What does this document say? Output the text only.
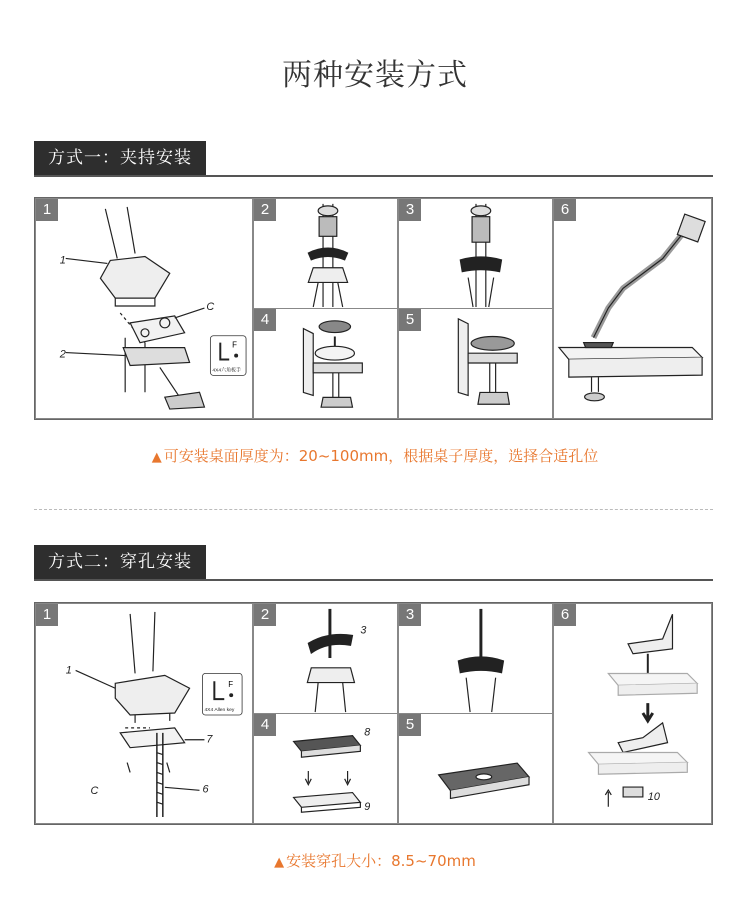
两种安装方式
方式一：夹持安装
1
1
2
C
F
4X4六角板手
2	3	6
4	5
▲ 可安装桌面厚度为：20~100mm，根据桌子厚度，选择合适孔位
方式二：穿孔安装
1
1
7
6
C
F
4X4 Allen key
2
3
3	6
10
4	8
9
5
▲ 安装穿孔大小：8.5~70mm
